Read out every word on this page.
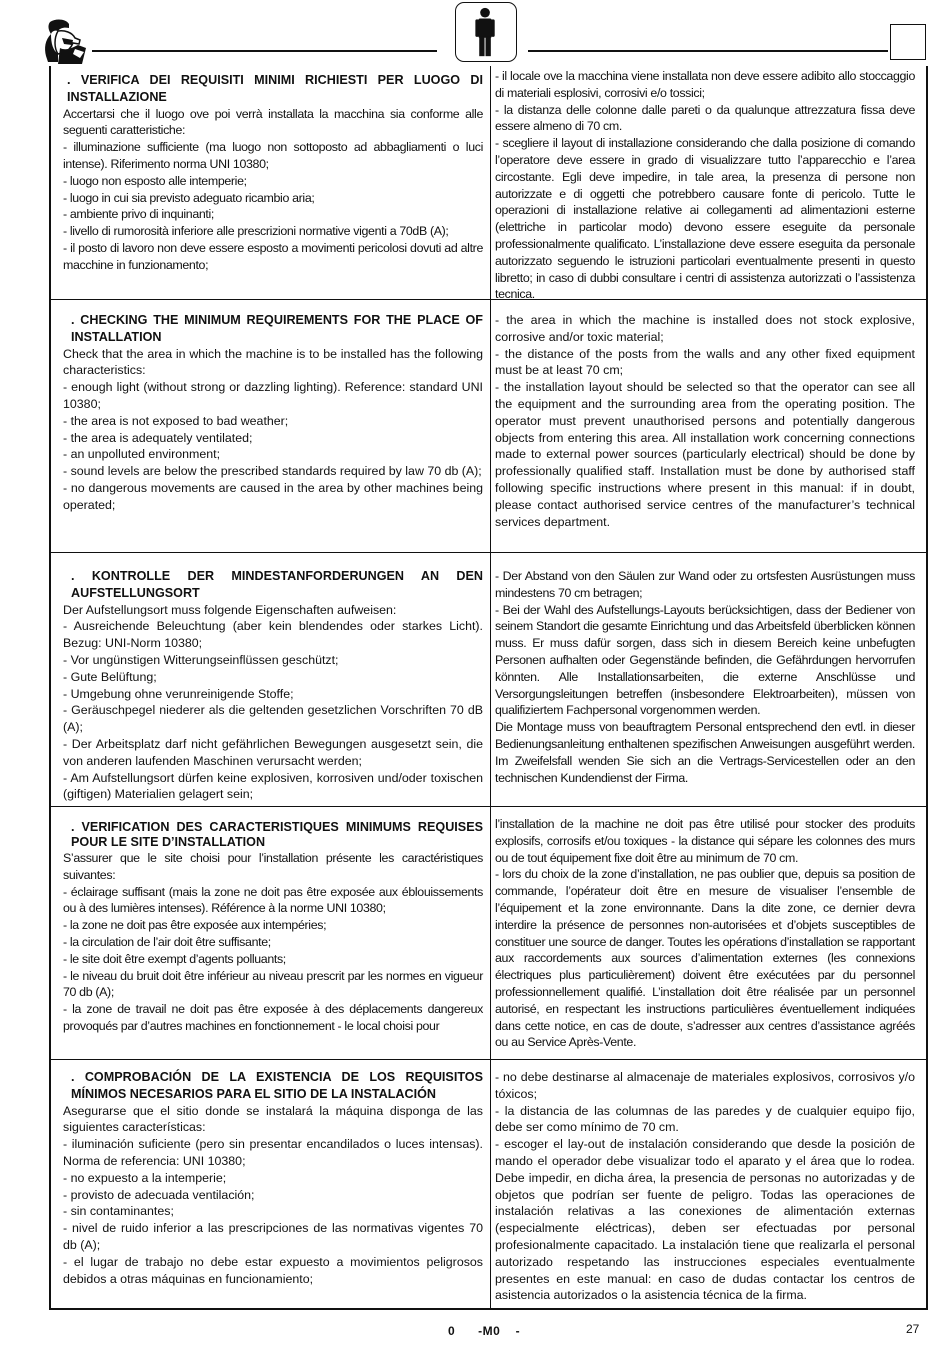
. VERIFICA DEI REQUISITI MINIMI RICHIESTI PER LUOGO DI INSTALLAZIONE
Accertarsi che il luogo ove poi verrà installata la macchina sia conforme alle seguenti caratteristiche:
- illuminazione sufficiente (ma luogo non sottoposto ad abbagliamenti o luci intense). Riferimento norma UNI 10380;
- luogo non esposto alle intemperie;
- luogo in cui sia previsto adeguato ricambio aria;
- ambiente privo di inquinanti;
- livello di rumorosità inferiore alle prescrizioni normative vigenti a 70dB (A);
- il posto di lavoro non deve essere esposto a movimenti pericolosi dovuti ad altre macchine in funzionamento;
- il locale ove la macchina viene installata non deve essere adibito allo stoccaggio di materiali esplosivi, corrosivi e/o tossici;
- la distanza delle colonne dalle pareti o da qualunque attrezzatura fissa deve essere almeno di 70 cm.
- scegliere il layout di installazione considerando che dalla posizione di comando l’operatore deve essere in grado di visualizzare tutto l’apparecchio e l’area circostante. Egli deve impedire, in tale area, la presenza di persone non autorizzate e di oggetti che potrebbero causare fonte di pericolo. Tutte le operazioni di installazione relative ai collegamenti ad alimentazioni esterne (elettriche in particolar modo) devono essere eseguite da personale professionalmente qualificato. L’installazione deve essere eseguita da personale autorizzato seguendo le istruzioni particolari eventualmente presenti in questo libretto; in caso di dubbi consultare i centri di assistenza autorizzati o l’assistenza tecnica.
. CHECKING THE MINIMUM REQUIREMENTS FOR THE PLACE OF INSTALLATION
Check that the area in which the machine is to be installed has the following characteristics:
- enough light (without strong or dazzling lighting). Reference: standard UNI 10380;
- the area is not exposed to bad weather;
- the area is adequately ventilated;
- an unpolluted environment;
- sound levels are below the prescribed standards required by law 70 db (A);
- no dangerous movements are caused in the area by other machines being operated;
- the area in which the machine is installed does not stock explosive, corrosive and/or toxic material;
- the distance of the posts from the walls and any other fixed equipment must be at least 70 cm;
- the installation layout should be selected so that the operator can see all the equipment and the surrounding area from the operating position. The operator must prevent unauthorised persons and potentially dangerous objects from entering this area. All installation work concerning connections made to external power sources (particularly electrical) should be done by professionally qualified staff. Installation must be done by authorised staff following specific instructions where present in this manual: if in doubt, please contact authorised service centres of the manufacturer’s technical services department.
. KONTROLLE DER MINDESTANFORDERUNGEN AN DEN AUFSTELLUNGSORT
Der Aufstellungsort muss folgende Eigenschaften aufweisen:
- Ausreichende Beleuchtung (aber kein blendendes oder starkes Licht). Bezug: UNI-Norm 10380;
- Vor ungünstigen Witterungseinflüssen geschützt;
- Gute Belüftung;
- Umgebung ohne verunreinigende Stoffe;
- Geräuschpegel niederer als die geltenden gesetzlichen Vorschriften 70 dB (A);
- Der Arbeitsplatz darf nicht gefährlichen Bewegungen ausgesetzt sein, die von anderen laufenden Maschinen verursacht werden;
- Am Aufstellungsort dürfen keine explosiven, korrosiven und/oder toxischen (giftigen) Materialien gelagert sein;
- Der Abstand von den Säulen zur Wand oder zu ortsfesten Ausrüstungen muss mindestens 70 cm betragen;
- Bei der Wahl des Aufstellungs-Layouts berücksichtigen, dass der Bediener von seinem Standort die gesamte Einrichtung und das Arbeitsfeld überblicken können muss. Er muss dafür sorgen, dass sich in diesem Bereich keine unbefugten Personen aufhalten oder Gegenstände befinden, die Gefährdungen hervorrufen könnten. Alle Installationsarbeiten, die externe Anschlüsse und Versorgungsleitungen betreffen (insbesondere Elektroarbeiten), müssen von qualifiziertem Fachpersonal vorgenommen werden.
Die Montage muss von beauftragtem Personal entsprechend den evtl. in dieser Bedienungsanleitung enthaltenen spezifischen Anweisungen ausgeführt werden. Im Zweifelsfall wenden Sie sich an die Vertrags-Servicestellen oder an den technischen Kundendienst der Firma.
. VERIFICATION DES CARACTERISTIQUES MINIMUMS REQUISES POUR LE SITE D’INSTALLATION
S’assurer que le site choisi pour l’installation présente les caractéristiques suivantes:
- éclairage suffisant (mais la zone ne doit pas être exposée aux éblouissements ou à des lumières intenses). Référence à la norme UNI 10380;
- la zone ne doit pas être exposée aux intempéries;
- la circulation de l’air doit être suffisante;
- le site doit être exempt d’agents polluants;
- le niveau du bruit doit être inférieur au niveau prescrit par les normes en vigueur 70 db (A);
- la zone de travail ne doit pas être exposée à des déplacements dangereux provoqués par d’autres machines en fonctionnement - le local choisi pour
l’installation de la machine ne doit pas être utilisé pour stocker des produits explosifs, corrosifs et/ou toxiques - la distance qui sépare les colonnes des murs ou de tout équipement fixe doit être au minimum de 70 cm.
- lors du choix de la zone d’installation, ne pas oublier que, depuis sa position de commande, l’opérateur doit être en mesure de visualiser l’ensemble de l’équipement et la zone environnante. Dans la dite zone, ce dernier devra interdire la présence de personnes non-autorisées et d’objets susceptibles de constituer une source de danger. Toutes les opérations d’installation se rapportant aux raccordements aux sources d’alimentation externes (les connexions électriques plus particulièrement) doivent être exécutées par du personnel professionnellement qualifié. L’installation doit être réalisée par un personnel autorisé, en respectant les instructions particulières éventuellement indiquées dans cette notice, en cas de doute, s’adresser aux centres d’assistance agréés ou au Service Après-Vente.
. COMPROBACIÓN DE LA EXISTENCIA DE LOS REQUISITOS MÍNIMOS NECESARIOS PARA EL SITIO DE LA INSTALACIÓN
Asegurarse que el sitio donde se instalará la máquina disponga de las siguientes características:
- iluminación suficiente (pero sin presentar encandilados o luces intensas). Norma de referencia: UNI 10380;
- no expuesto a la intemperie;
- provisto de adecuada ventilación;
- sin contaminantes;
- nivel de ruido inferior a las prescripciones de las normativas vigentes 70 db (A);
- el lugar de trabajo no debe estar expuesto a movimientos peligrosos debidos a otras máquinas en funcionamiento;
- no debe destinarse al almacenaje de materiales explosivos, corrosivos y/o tóxicos;
- la distancia de las columnas de las paredes y de cualquier equipo fijo, debe ser como mínimo de 70 cm.
- escoger el lay-out de instalación considerando que desde la posición de mando el operador debe visualizar todo el aparato y el área que lo rodea. Debe impedir, en dicha área, la presencia de personas no autorizadas y de objetos que podrían ser fuente de peligro. Todas las operaciones de instalación relativas a las conexiones de alimentación externas (especialmente eléctricas), deben ser efectuadas por personal profesionalmente capacitado. La instalación tiene que realizarla el personal autorizado respetando las instrucciones especiales eventualmente presentes en este manual: en caso de dudas contactar los centros de asistencia autorizados o la asistencia técnica de la firma.
0      -M0    -	27
